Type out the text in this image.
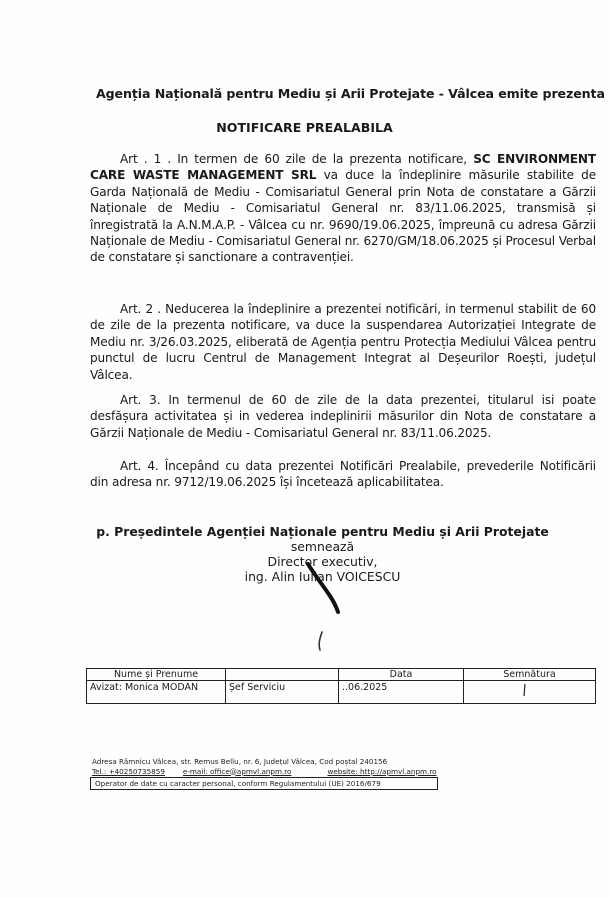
Agenția Națională pentru Mediu și Arii Protejate - Vâlcea emite prezenta
NOTIFICARE PREALABILA
Art . 1 . In termen de 60 zile de la prezenta notificare, SC ENVIRONMENT CARE WASTE MANAGEMENT SRL va duce la îndeplinire măsurile stabilite de Garda Națională de Mediu - Comisariatul General prin Nota de constatare a Gărzii Naționale de Mediu - Comisariatul General nr. 83/11.06.2025, transmisă și înregistrată la A.N.M.A.P. - Vâlcea cu nr. 9690/19.06.2025, împreună cu adresa Gărzii Naționale de Mediu - Comisariatul General nr. 6270/GM/18.06.2025 și Procesul Verbal de constatare și sanctionare a contravenției.
Art. 2 . Neducerea la îndeplinire a prezentei notificări, in termenul stabilit de 60 de zile de la prezenta notificare, va duce la suspendarea Autorizației Integrate de Mediu nr. 3/26.03.2025, eliberată de Agenția pentru Protecția Mediului Vâlcea pentru punctul de lucru Centrul de Management Integrat al Deșeurilor Roești, județul Vâlcea.
Art. 3. In termenul de 60 de zile de la data prezentei, titularul isi poate desfășura activitatea și in vederea indeplinirii măsurilor din Nota de constatare a Gărzii Naționale de Mediu - Comisariatul General nr. 83/11.06.2025.
Art. 4. Începând cu data prezentei Notificări Prealabile, prevederile Notificării din adresa nr. 9712/19.06.2025 își încetează aplicabilitatea.
p. Președintele Agenției Naționale pentru Mediu și Arii Protejate
semnează
Director executiv,
ing. Alin Iulian VOICESCU
Nume și Prenume		Data	Semnătura
Avizat: Monica MODAN	Șef Serviciu	..06.2025	
Adresa Râmnicu Vâlcea, str. Remus Bellu, nr. 6, Județul Vâlcea, Cod poștal 240156
Tel.: +40250735859	e-mail: office@apmvl.anpm.ro	website: http://apmvl.anpm.ro
Operator de date cu caracter personal, conform Regulamentului (UE) 2016/679
